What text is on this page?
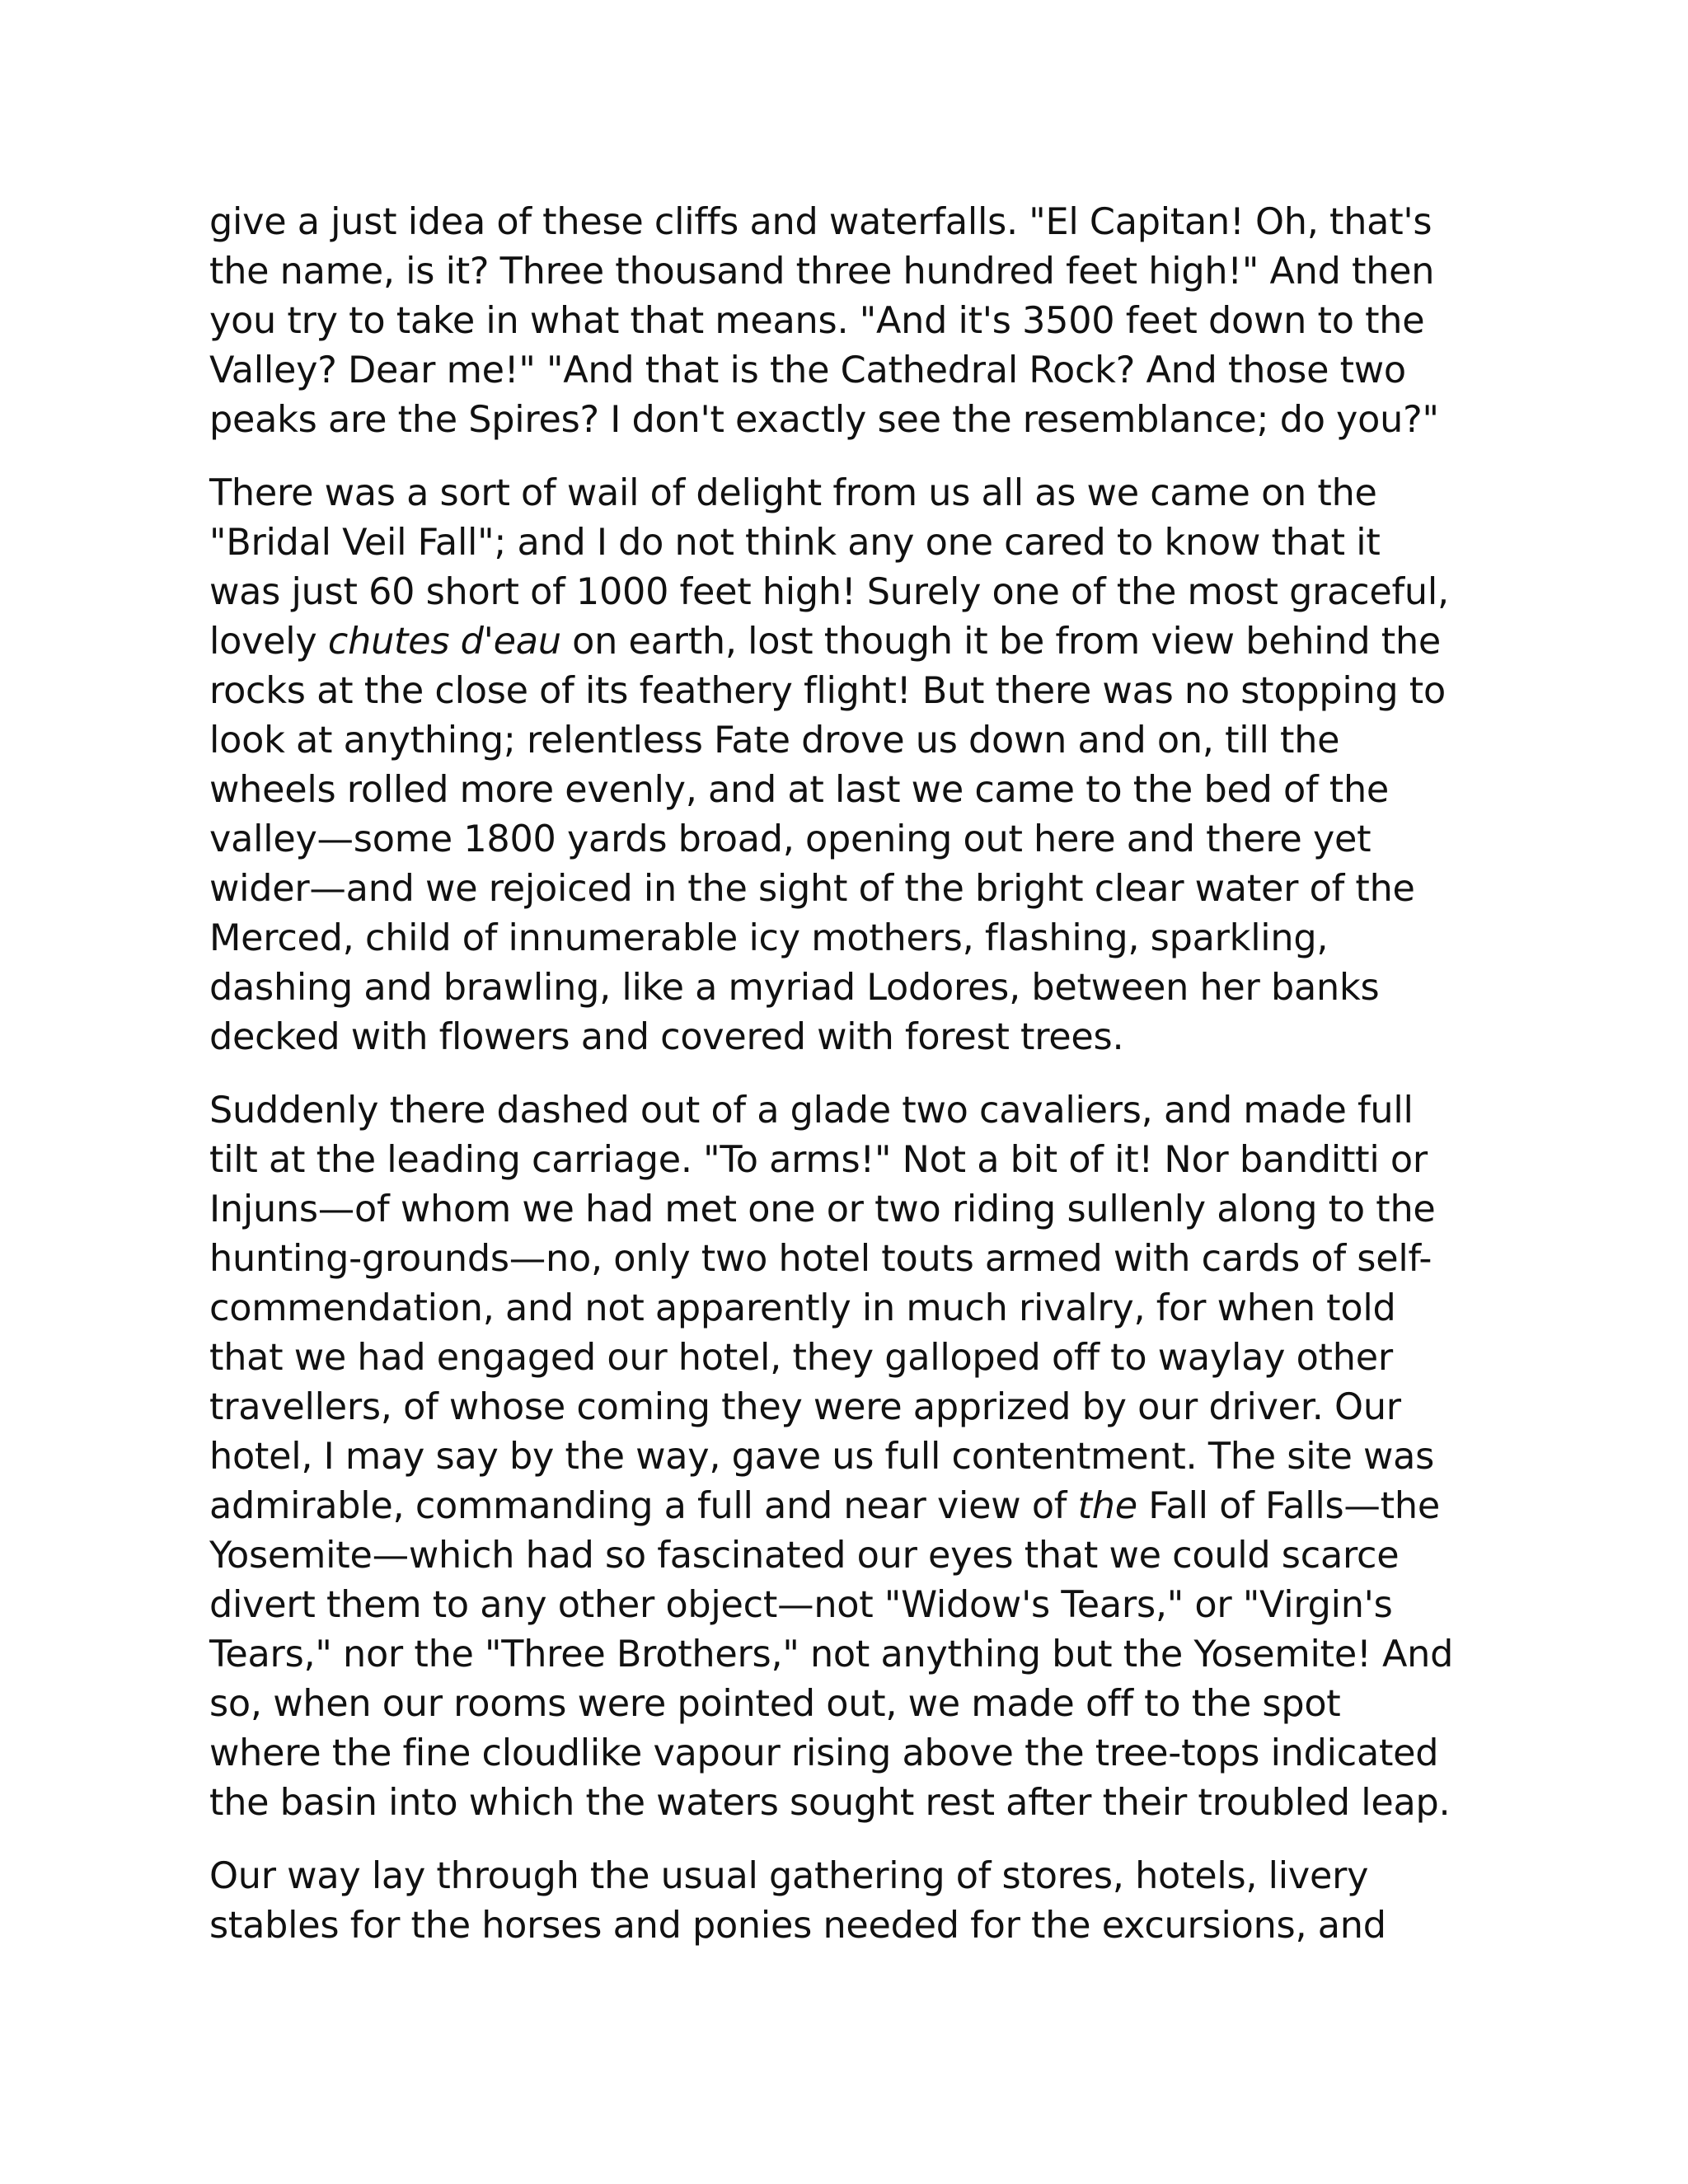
give a just idea of these cliffs and waterfalls. "El Capitan! Oh, that's
the name, is it? Three thousand three hundred feet high!" And then
you try to take in what that means. "And it's 3500 feet down to the
Valley? Dear me!" "And that is the Cathedral Rock? And those two
peaks are the Spires? I don't exactly see the resemblance; do you?"
There was a sort of wail of delight from us all as we came on the
"Bridal Veil Fall"; and I do not think any one cared to know that it
was just 60 short of 1000 feet high! Surely one of the most graceful,
lovely chutes d'eau on earth, lost though it be from view behind the
rocks at the close of its feathery flight! But there was no stopping to
look at anything; relentless Fate drove us down and on, till the
wheels rolled more evenly, and at last we came to the bed of the
valley—some 1800 yards broad, opening out here and there yet
wider—and we rejoiced in the sight of the bright clear water of the
Merced, child of innumerable icy mothers, flashing, sparkling,
dashing and brawling, like a myriad Lodores, between her banks
decked with flowers and covered with forest trees.
Suddenly there dashed out of a glade two cavaliers, and made full
tilt at the leading carriage. "To arms!" Not a bit of it! Nor banditti or
Injuns—of whom we had met one or two riding sullenly along to the
hunting-grounds—no, only two hotel touts armed with cards of self-
commendation, and not apparently in much rivalry, for when told
that we had engaged our hotel, they galloped off to waylay other
travellers, of whose coming they were apprized by our driver. Our
hotel, I may say by the way, gave us full contentment. The site was
admirable, commanding a full and near view of the Fall of Falls—the
Yosemite—which had so fascinated our eyes that we could scarce
divert them to any other object—not "Widow's Tears," or "Virgin's
Tears," nor the "Three Brothers," not anything but the Yosemite! And
so, when our rooms were pointed out, we made off to the spot
where the fine cloudlike vapour rising above the tree-tops indicated
the basin into which the waters sought rest after their troubled leap.
Our way lay through the usual gathering of stores, hotels, livery
stables for the horses and ponies needed for the excursions, and
